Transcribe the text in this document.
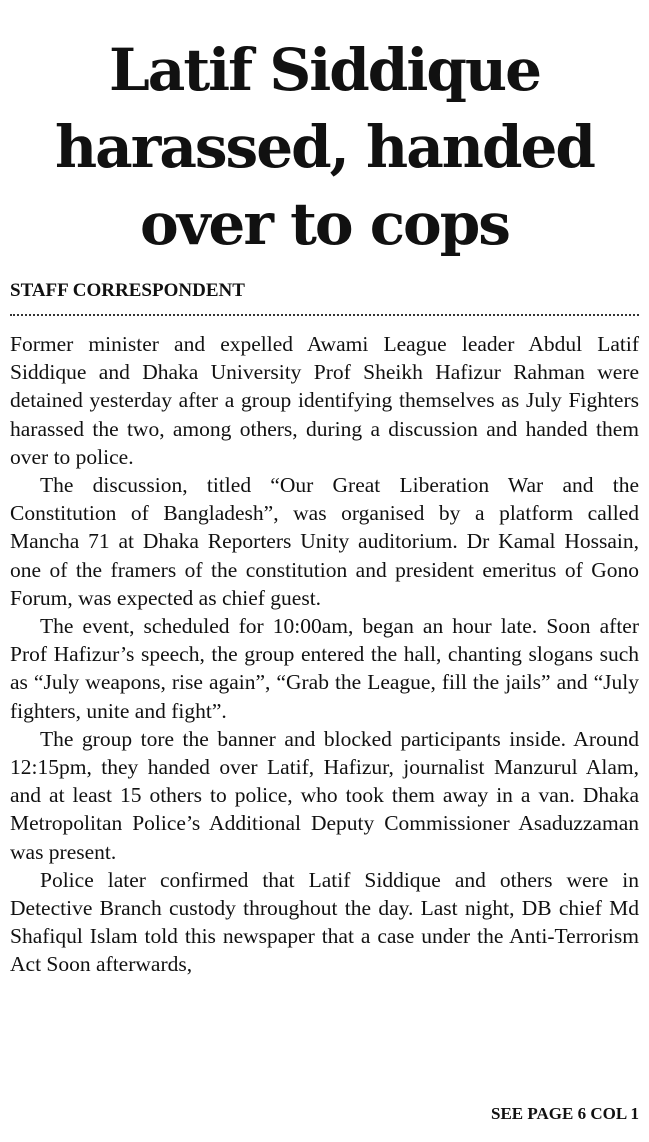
Latif Siddique
harassed, handed
over to cops
STAFF CORRESPONDENT

Former minister and expelled Awami League leader Abdul Latif Siddique and Dhaka University Prof Sheikh Hafizur Rahman were detained yesterday after a group identifying themselves as July Fighters harassed the two, among others, during a discussion and handed them over to police.

The discussion, titled “Our Great Liberation War and the Constitution of Bangladesh”, was organised by a platform called Mancha 71 at Dhaka Reporters Unity auditorium. Dr Kamal Hossain, one of the framers of the constitution and president emeritus of Gono Forum, was expected as chief guest.

The event, scheduled for 10:00am, began an hour late. Soon after Prof Hafizur’s speech, the group entered the hall, chanting slogans such as “July weapons, rise again”, “Grab the League, fill the jails” and “July fighters, unite and fight”.

The group tore the banner and blocked participants inside. Around 12:15pm, they handed over Latif, Hafizur, journalist Manzurul Alam, and at least 15 others to police, who took them away in a van. Dhaka Metropolitan Police’s Additional Deputy Commissioner Asaduzzaman was present.

Police later confirmed that Latif Siddique and others were in Detective Branch custody throughout the day. Last night, DB chief Md Shafiqul Islam told this newspaper that a case under the Anti-Terrorism Act Soon afterwards,

SEE PAGE 6 COL 1
